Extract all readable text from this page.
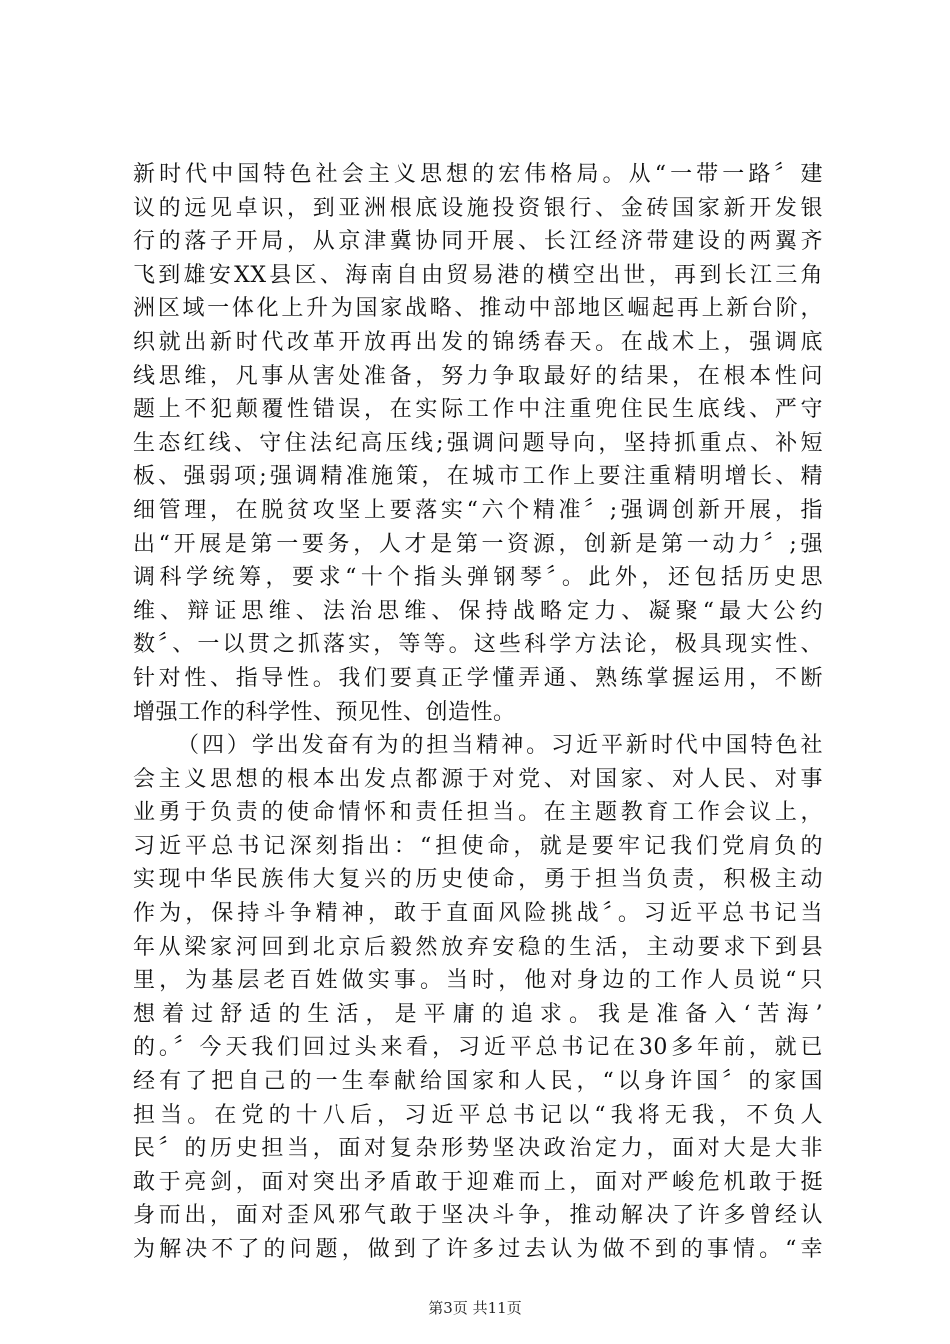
新时代中国特色社会主义思想的宏伟格局。从“一带一路〞建
议的远见卓识，到亚洲根底设施投资银行、金砖国家新开发银
行的落子开局，从京津冀协同开展、长江经济带建设的两翼齐
飞到雄安XX县区、海南自由贸易港的横空出世，再到长江三角
洲区域一体化上升为国家战略、推动中部地区崛起再上新台阶，
织就出新时代改革开放再出发的锦绣春天。在战术上，强调底
线思维，凡事从害处准备，努力争取最好的结果，在根本性问
题上不犯颠覆性错误，在实际工作中注重兜住民生底线、严守
生态红线、守住法纪高压线;强调问题导向，坚持抓重点、补短
板、强弱项;强调精准施策，在城市工作上要注重精明增长、精
细管理，在脱贫攻坚上要落实“六个精准〞;强调创新开展，指
出“开展是第一要务，人才是第一资源，创新是第一动力〞;强
调科学统筹，要求“十个指头弹钢琴〞。此外，还包括历史思
维、辩证思维、法治思维、保持战略定力、凝聚“最大公约
数〞、一以贯之抓落实，等等。这些科学方法论，极具现实性、
针对性、指导性。我们要真正学懂弄通、熟练掌握运用，不断
增强工作的科学性、预见性、创造性。
（四）学出发奋有为的担当精神。习近平新时代中国特色社
会主义思想的根本出发点都源于对党、对国家、对人民、对事
业勇于负责的使命情怀和责任担当。在主题教育工作会议上，
习近平总书记深刻指出：“担使命，就是要牢记我们党肩负的
实现中华民族伟大复兴的历史使命，勇于担当负责，积极主动
作为，保持斗争精神，敢于直面风险挑战〞。习近平总书记当
年从梁家河回到北京后毅然放弃安稳的生活，主动要求下到县
里，为基层老百姓做实事。当时，他对身边的工作人员说“只
想着过舒适的生活，是平庸的追求。我是准备入‘苦海’
的。〞今天我们回过头来看，习近平总书记在30多年前，就已
经有了把自己的一生奉献给国家和人民，“以身许国〞的家国
担当。在党的十八后，习近平总书记以“我将无我，不负人
民〞的历史担当，面对复杂形势坚决政治定力，面对大是大非
敢于亮剑，面对突出矛盾敢于迎难而上，面对严峻危机敢于挺
身而出，面对歪风邪气敢于坚决斗争，推动解决了许多曾经认
为解决不了的问题，做到了许多过去认为做不到的事情。“幸
第3页 共11页
